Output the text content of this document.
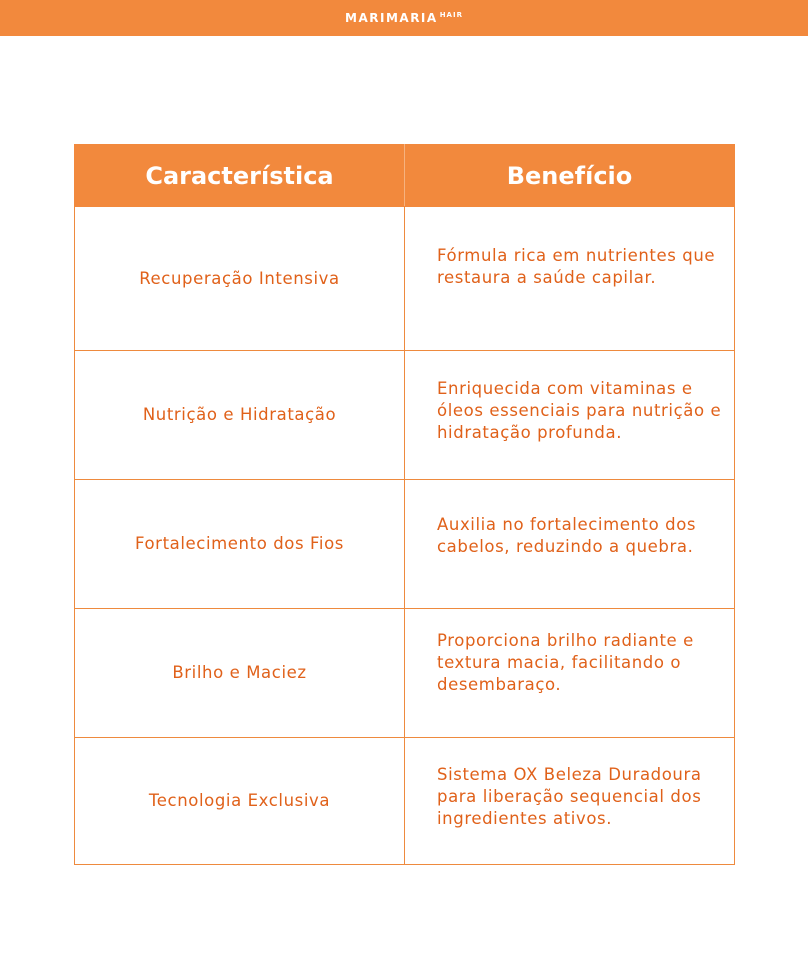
MARIMARIA HAIR
Característica	Benefício
Recuperação Intensiva	Fórmula rica em nutrientes que restaura a saúde capilar.

Nutrição e Hidratação	Enriquecida com vitaminas e óleos essenciais para nutrição e hidratação profunda.

Fortalecimento dos Fios	Auxilia no fortalecimento dos cabelos, reduzindo a quebra.

Brilho e Maciez	Proporciona brilho radiante e textura macia, facilitando o desembaraço.

Tecnologia Exclusiva	Sistema OX Beleza Duradoura para liberação sequencial dos ingredientes ativos.
